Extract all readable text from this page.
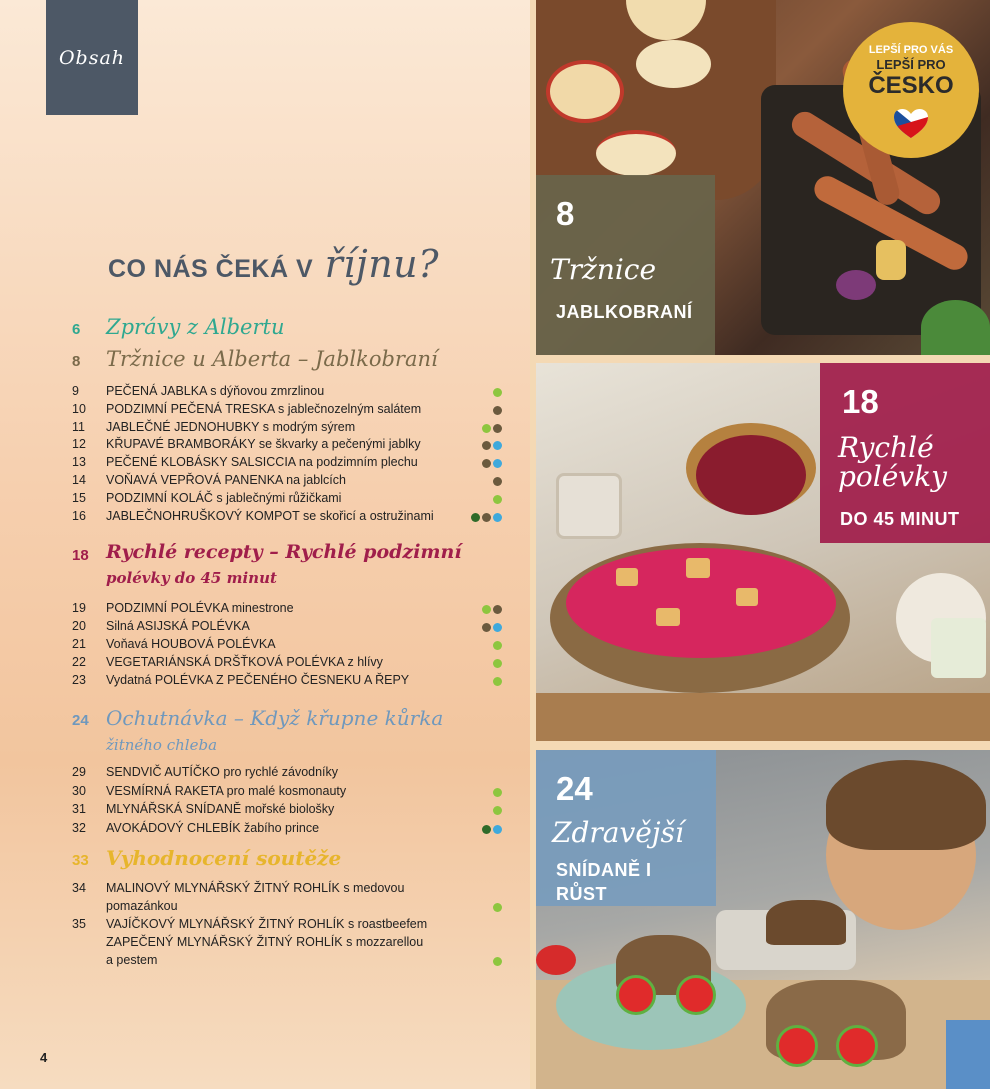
Obsah
CO NÁS ČEKÁ V říjnu?
6 Zprávy z Albertu
8 Tržnice u Alberta – Jablkobraní
9	PEČENÁ JABLKA s dýňovou zmrzlinou
10	PODZIMNÍ PEČENÁ TRESKA s jablečnozelným salátem
11	JABLEČNÉ JEDNOHUBKY s modrým sýrem
12	KŘUPAVÉ BRAMBORÁKY se škvarky a pečenými jablky
13	PEČENÉ KLOBÁSKY SALSICCIA na podzimním plechu
14	VOŇAVÁ VEPŘOVÁ PANENKA na jablcích
15	PODZIMNÍ KOLÁČ s jablečnými růžičkami
16	JABLEČNOHRUŠKOVÝ KOMPOT se skořicí a ostružinami
18 Rychlé recepty – Rychlé podzimní
polévky do 45 minut
19	PODZIMNÍ POLÉVKA minestrone
20	Silná ASIJSKÁ POLÉVKA
21	Voňavá HOUBOVÁ POLÉVKA
22	VEGETARIÁNSKÁ DRŠŤKOVÁ POLÉVKA z hlívy
23	Vydatná POLÉVKA Z PEČENÉHO ČESNEKU A ŘEPY
24 Ochutnávka – Když křupne kůrka
žitného chleba
29	SENDVIČ AUTÍČKO pro rychlé závodníky
30	VESMÍRNÁ RAKETA pro malé kosmonauty
31	MLYNÁŘSKÁ SNÍDANĚ mořské biološky
32	AVOKÁDOVÝ CHLEBÍK žabího prince
33 Vyhodnocení soutěže
34	MALINOVÝ MLYNÁŘSKÝ ŽITNÝ ROHLÍK s medovou
pomazánkou
35	VAJÍČKOVÝ MLYNÁŘSKÝ ŽITNÝ ROHLÍK s roastbeefem
ZAPEČENÝ MLYNÁŘSKÝ ŽITNÝ ROHLÍK s mozzarellou
a pestem
4
8
Tržnice
JABLKOBRANÍ
18
Rychlé polévky
DO 45 MINUT
24
Zdravější
SNÍDANĚ I RŮST
LEPŠÍ PRO VÁS
LEPŠÍ PRO
ČESKO
